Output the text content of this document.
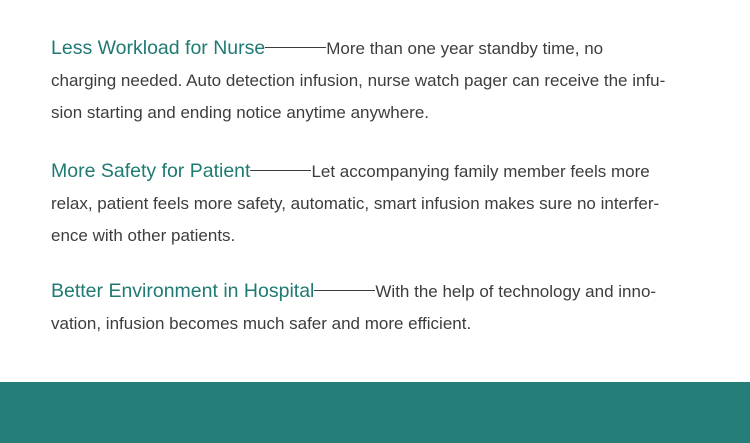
Less Workload for Nurse	More than one year standby time, no

charging needed. Auto detection infusion, nurse watch pager can receive the infu-

sion starting and ending notice anytime anywhere.

More Safety for Patient	Let accompanying family member feels more

relax, patient feels more safety, automatic, smart infusion makes sure no interfer-

ence with other patients.

Better Environment in Hospital	With the help of technology and inno-

vation, infusion becomes much safer and more efficient.
